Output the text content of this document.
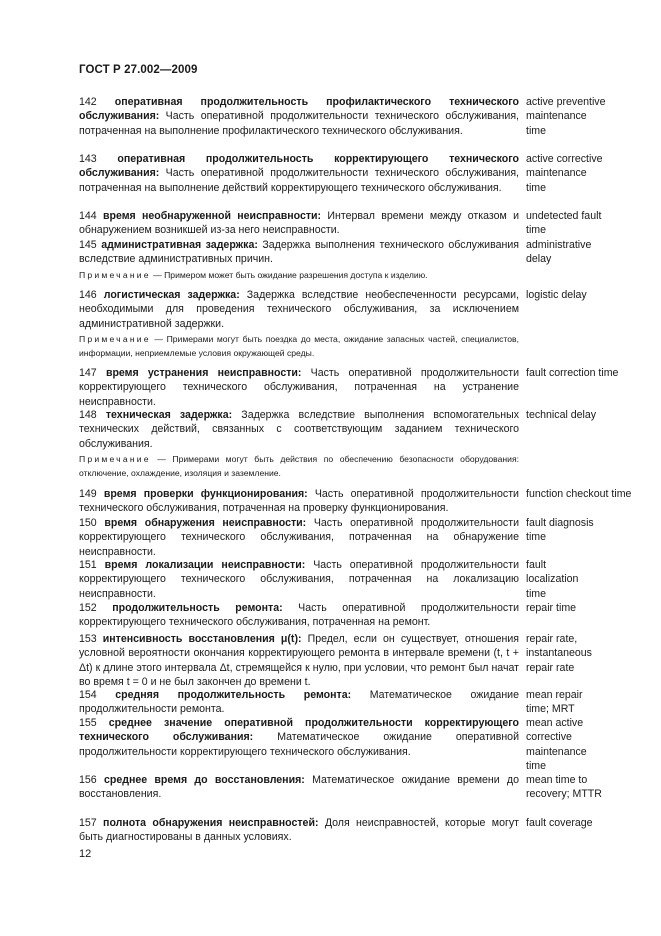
ГОСТ Р 27.002—2009
142 оперативная продолжительность профилактического технического обслуживания: Часть оперативной продолжительности технического обслуживания, потраченная на выполнение профилактического технического обслуживания.
active preventive maintenance time
143 оперативная продолжительность корректирующего технического обслуживания: Часть оперативной продолжительности технического обслуживания, потраченная на выполнение действий корректирующего технического обслуживания.
active corrective maintenance time
144 время необнаруженной неисправности: Интервал времени между отказом и обнаружением возникшей из-за него неисправности.
undetected fault time
145 административная задержка: Задержка выполнения технического обслуживания вследствие административных причин.
administrative delay
Примечание — Примером может быть ожидание разрешения доступа к изделию.
146 логистическая задержка: Задержка вследствие необеспеченности ресурсами, необходимыми для проведения технического обслуживания, за исключением административной задержки.
logistic delay
Примечание — Примерами могут быть поездка до места, ожидание запасных частей, специалистов, информации, неприемлемые условия окружающей среды.
147 время устранения неисправности: Часть оперативной продолжительности корректирующего технического обслуживания, потраченная на устранение неисправности.
fault correction time
148 техническая задержка: Задержка вследствие выполнения вспомогательных технических действий, связанных с соответствующим заданием технического обслуживания.
technical delay
Примечание — Примерами могут быть действия по обеспечению безопасности оборудования: отключение, охлаждение, изоляция и заземление.
149 время проверки функционирования: Часть оперативной продолжительности технического обслуживания, потраченная на проверку функционирования.
function checkout time
150 время обнаружения неисправности: Часть оперативной продолжительности корректирующего технического обслуживания, потраченная на обнаружение неисправности.
fault diagnosis time
151 время локализации неисправности: Часть оперативной продолжительности корректирующего технического обслуживания, потраченная на локализацию неисправности.
fault localization time
152 продолжительность ремонта: Часть оперативной продолжительности корректирующего технического обслуживания, потраченная на ремонт.
repair time
153 интенсивность восстановления μ(t): Предел, если он существует, отношения условной вероятности окончания корректирующего ремонта в интервале времени (t, t + Δt) к длине этого интервала Δt, стремящейся к нулю, при условии, что ремонт был начат во время t = 0 и не был закончен до времени t.
repair rate, instantaneous repair rate
154 средняя продолжительность ремонта: Математическое ожидание продолжительности ремонта.
mean repair time; MRT
155 среднее значение оперативной продолжительности корректирующего технического обслуживания: Математическое ожидание оперативной продолжительности корректирующего технического обслуживания.
mean active corrective maintenance time
156 среднее время до восстановления: Математическое ожидание времени до восстановления.
mean time to recovery; MTTR
157 полнота обнаружения неисправностей: Доля неисправностей, которые могут быть диагностированы в данных условиях.
fault coverage
12
